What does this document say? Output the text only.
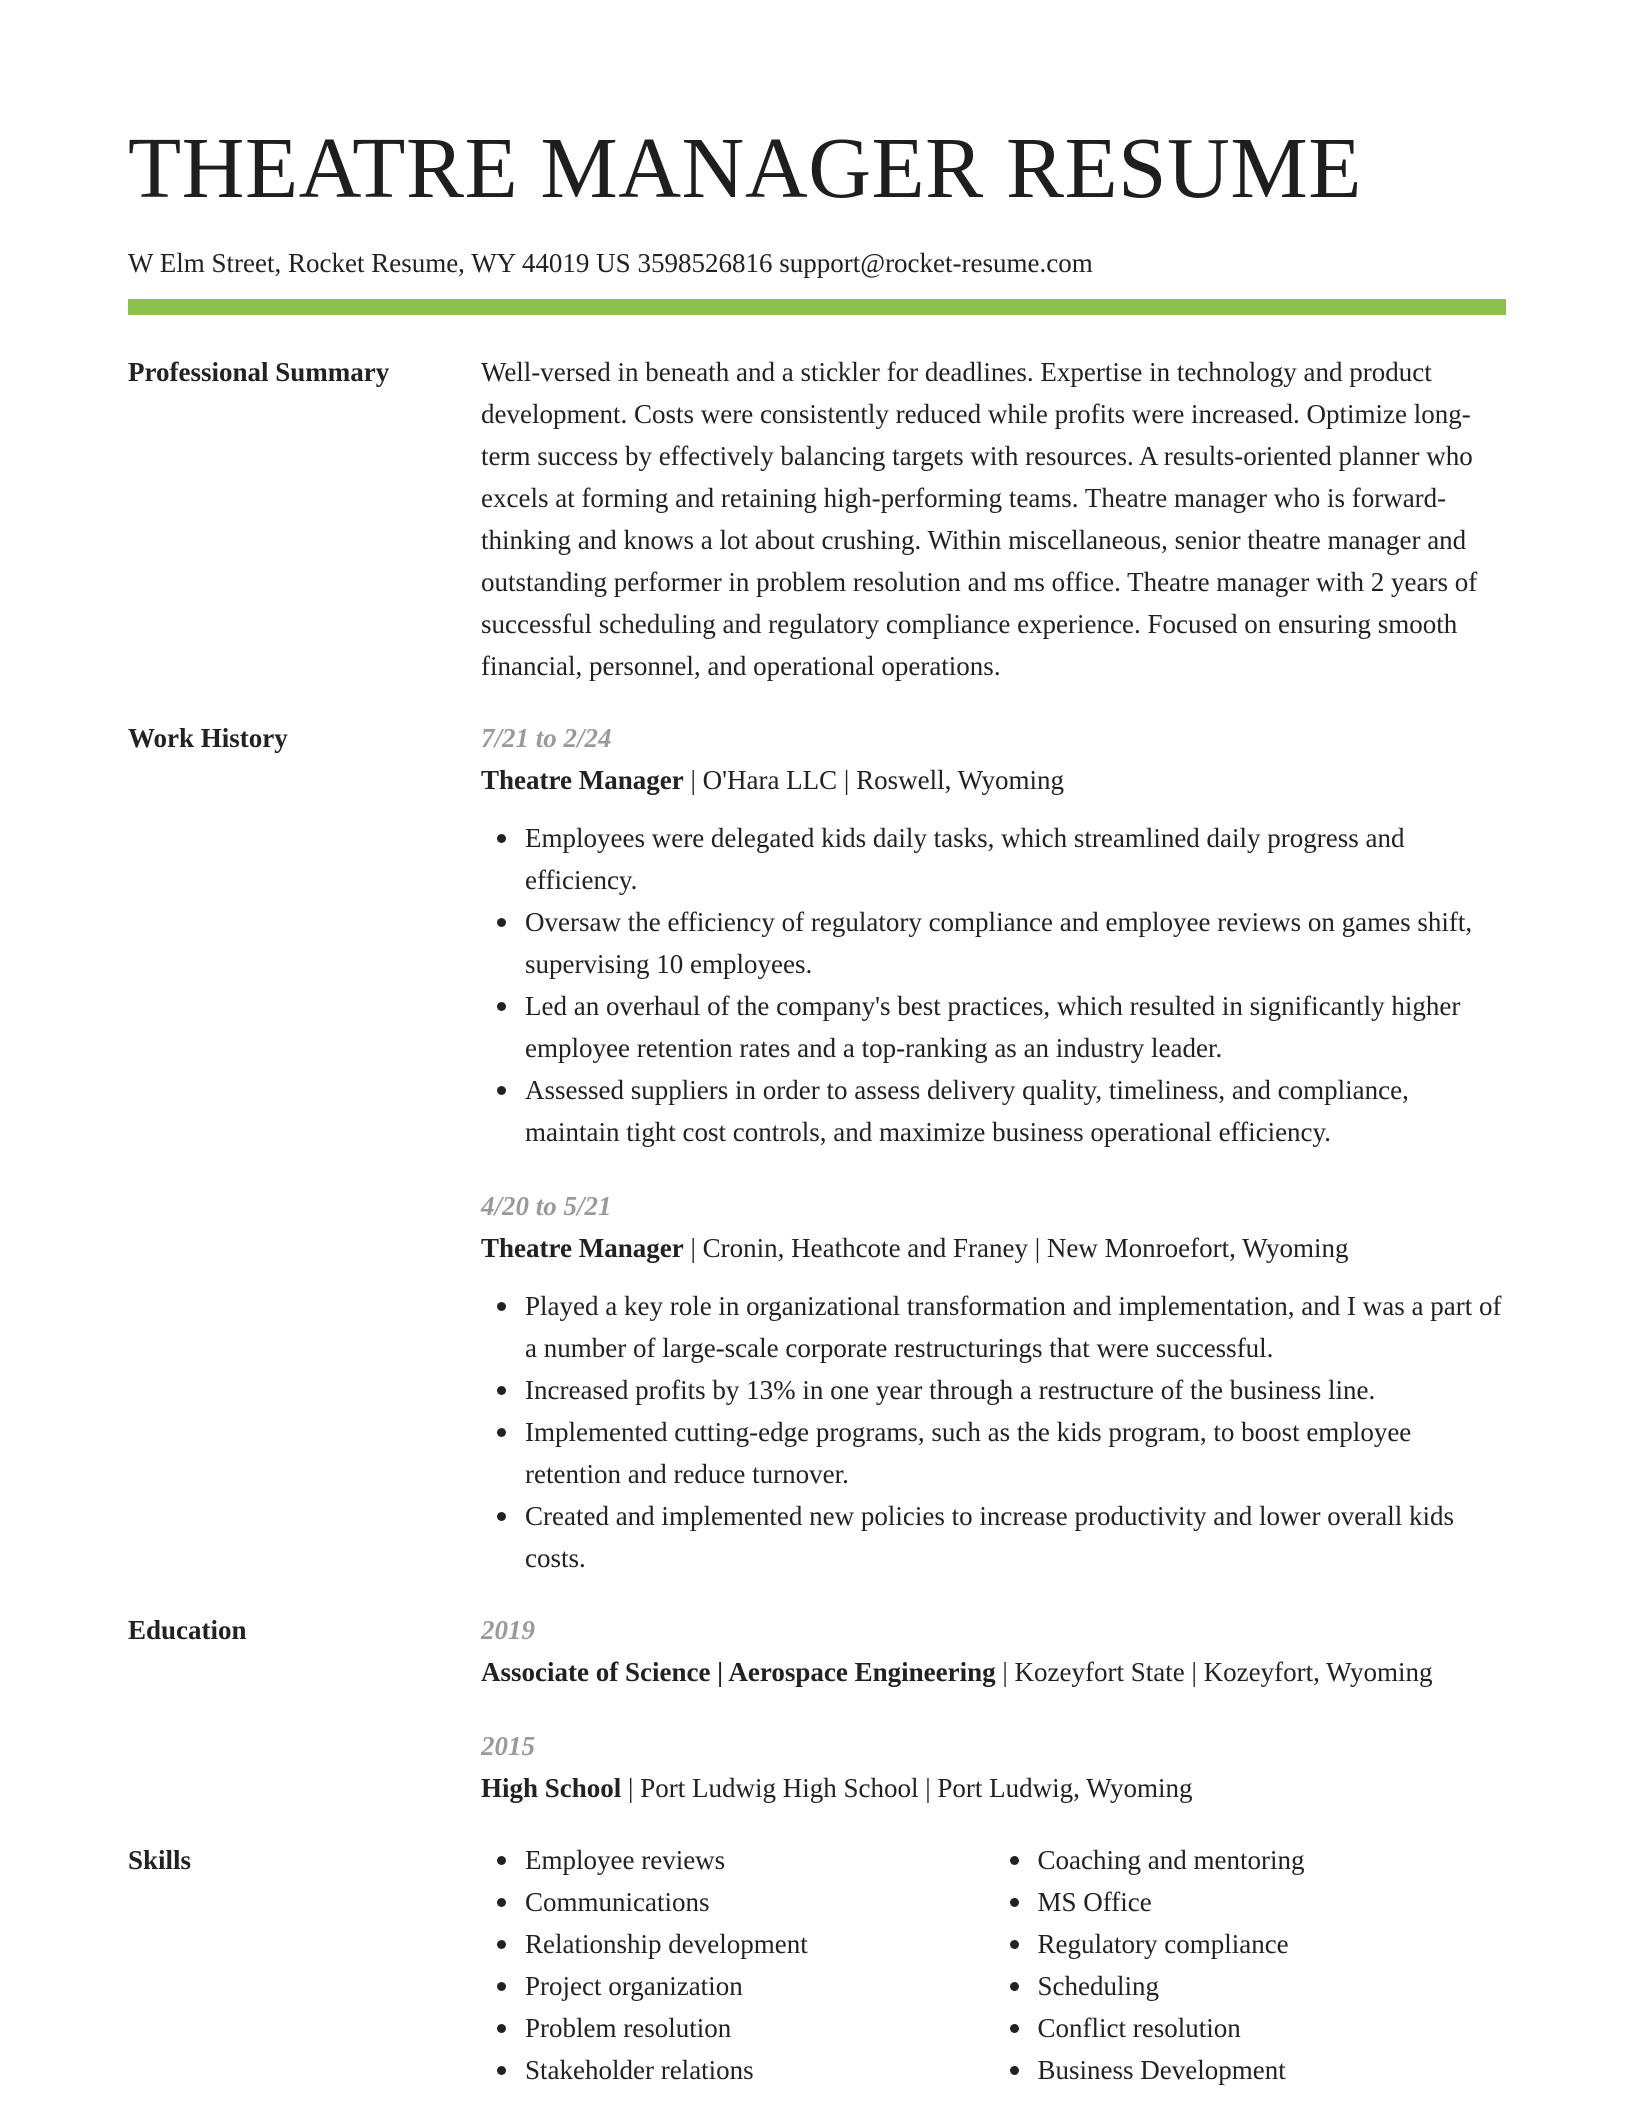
THEATRE MANAGER RESUME
W Elm Street, Rocket Resume, WY 44019 US 3598526816 support@rocket-resume.com
Professional Summary	Well-versed in beneath and a stickler for deadlines. Expertise in technology and product development. Costs were consistently reduced while profits were increased. Optimize long-term success by effectively balancing targets with resources. A results-oriented planner who excels at forming and retaining high-performing teams. Theatre manager who is forward-thinking and knows a lot about crushing. Within miscellaneous, senior theatre manager and outstanding performer in problem resolution and ms office. Theatre manager with 2 years of successful scheduling and regulatory compliance experience. Focused on ensuring smooth financial, personnel, and operational operations.

Work History	7/21 to 2/24
Theatre Manager | O'Hara LLC | Roswell, Wyoming
Employees were delegated kids daily tasks, which streamlined daily progress and efficiency.
Oversaw the efficiency of regulatory compliance and employee reviews on games shift, supervising 10 employees.
Led an overhaul of the company's best practices, which resulted in significantly higher employee retention rates and a top-ranking as an industry leader.
Assessed suppliers in order to assess delivery quality, timeliness, and compliance, maintain tight cost controls, and maximize business operational efficiency.
4/20 to 5/21
Theatre Manager | Cronin, Heathcote and Franey | New Monroefort, Wyoming
Played a key role in organizational transformation and implementation, and I was a part of a number of large-scale corporate restructurings that were successful.
Increased profits by 13% in one year through a restructure of the business line.
Implemented cutting-edge programs, such as the kids program, to boost employee retention and reduce turnover.
Created and implemented new policies to increase productivity and lower overall kids costs.
Education	2019
Associate of Science | Aerospace Engineering | Kozeyfort State | Kozeyfort, Wyoming
2015
High School | Port Ludwig High School | Port Ludwig, Wyoming
Skills	Employee reviews
Communications
Relationship development
Project organization
Problem resolution
Stakeholder relations
Coaching and mentoring
MS Office
Regulatory compliance
Scheduling
Conflict resolution
Business Development
